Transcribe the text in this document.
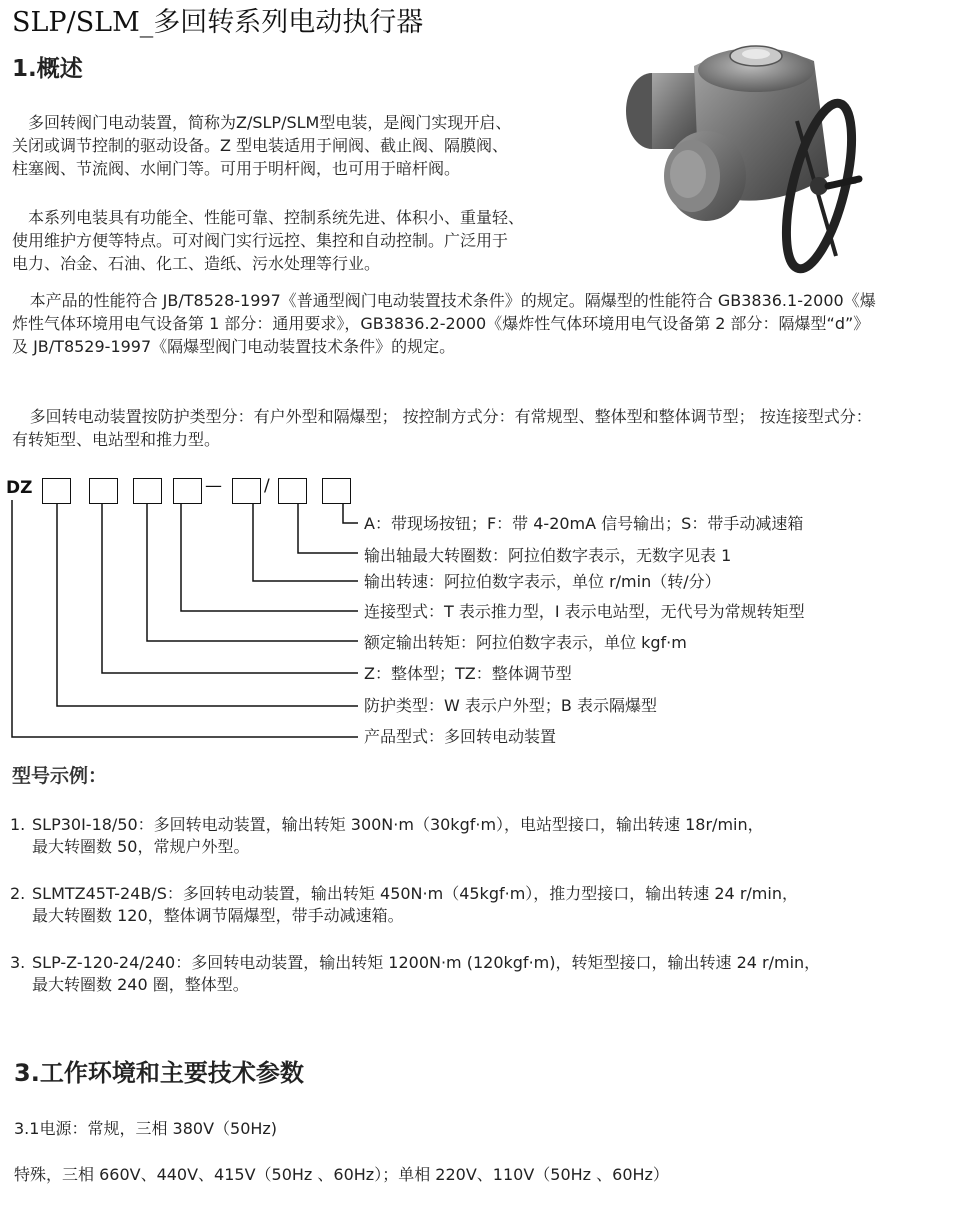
SLP/SLM_多回转系列电动执行器
1.概述
多回转阀门电动装置，简称为Z/SLP/SLM型电装，是阀门实现开启、
关闭或调节控制的驱动设备。Z 型电装适用于闸阀、截止阀、隔膜阀、
柱塞阀、节流阀、水闸门等。可用于明杆阀，也可用于暗杆阀。
本系列电装具有功能全、性能可靠、控制系统先进、体积小、重量轻、
使用维护方便等特点。可对阀门实行远控、集控和自动控制。广泛用于
电力、冶金、石油、化工、造纸、污水处理等行业。

本产品的性能符合 JB/T8528-1997《普通型阀门电动装置技术条件》的规定。隔爆型的性能符合 GB3836.1-2000《爆炸性气体环境用电气设备第 1 部分：通用要求》，GB3836.2-2000《爆炸性气体环境用电气设备第 2 部分：隔爆型“d”》及 JB/T8529-1997《隔爆型阀门电动装置技术条件》的规定。

多回转电动装置按防护类型分：有户外型和隔爆型； 按控制方式分：有常规型、整体型和整体调节型； 按连接型式分：有转矩型、电站型和推力型。

DZ	— /
A：带现场按钮；F：带 4-20mA 信号输出；S：带手动减速箱
输出轴最大转圈数：阿拉伯数字表示，无数字见表 1
输出转速：阿拉伯数字表示，单位 r/min（转/分）
连接型式：T 表示推力型，I 表示电站型，无代号为常规转矩型
额定输出转矩：阿拉伯数字表示，单位 kgf·m
Z：整体型；TZ：整体调节型
防护类型：W 表示户外型；B 表示隔爆型
产品型式：多回转电动装置
型号示例：
1. SLP30I-18/50：多回转电动装置，输出转矩 300N·m（30kgf·m），电站型接口，输出转速 18r/min，
最大转圈数 50，常规户外型。
2. SLMTZ45T-24B/S：多回转电动装置，输出转矩 450N·m（45kgf·m），推力型接口，输出转速 24 r/min，
最大转圈数 120，整体调节隔爆型，带手动减速箱。
3. SLP-Z-120-24/240：多回转电动装置，输出转矩 1200N·m (120kgf·m)，转矩型接口，输出转速 24 r/min，
最大转圈数 240 圈，整体型。
3.工作环境和主要技术参数
3.1电源：常规，三相 380V（50Hz)
特殊，三相 660V、440V、415V（50Hz 、60Hz）；单相 220V、110V（50Hz 、60Hz）
